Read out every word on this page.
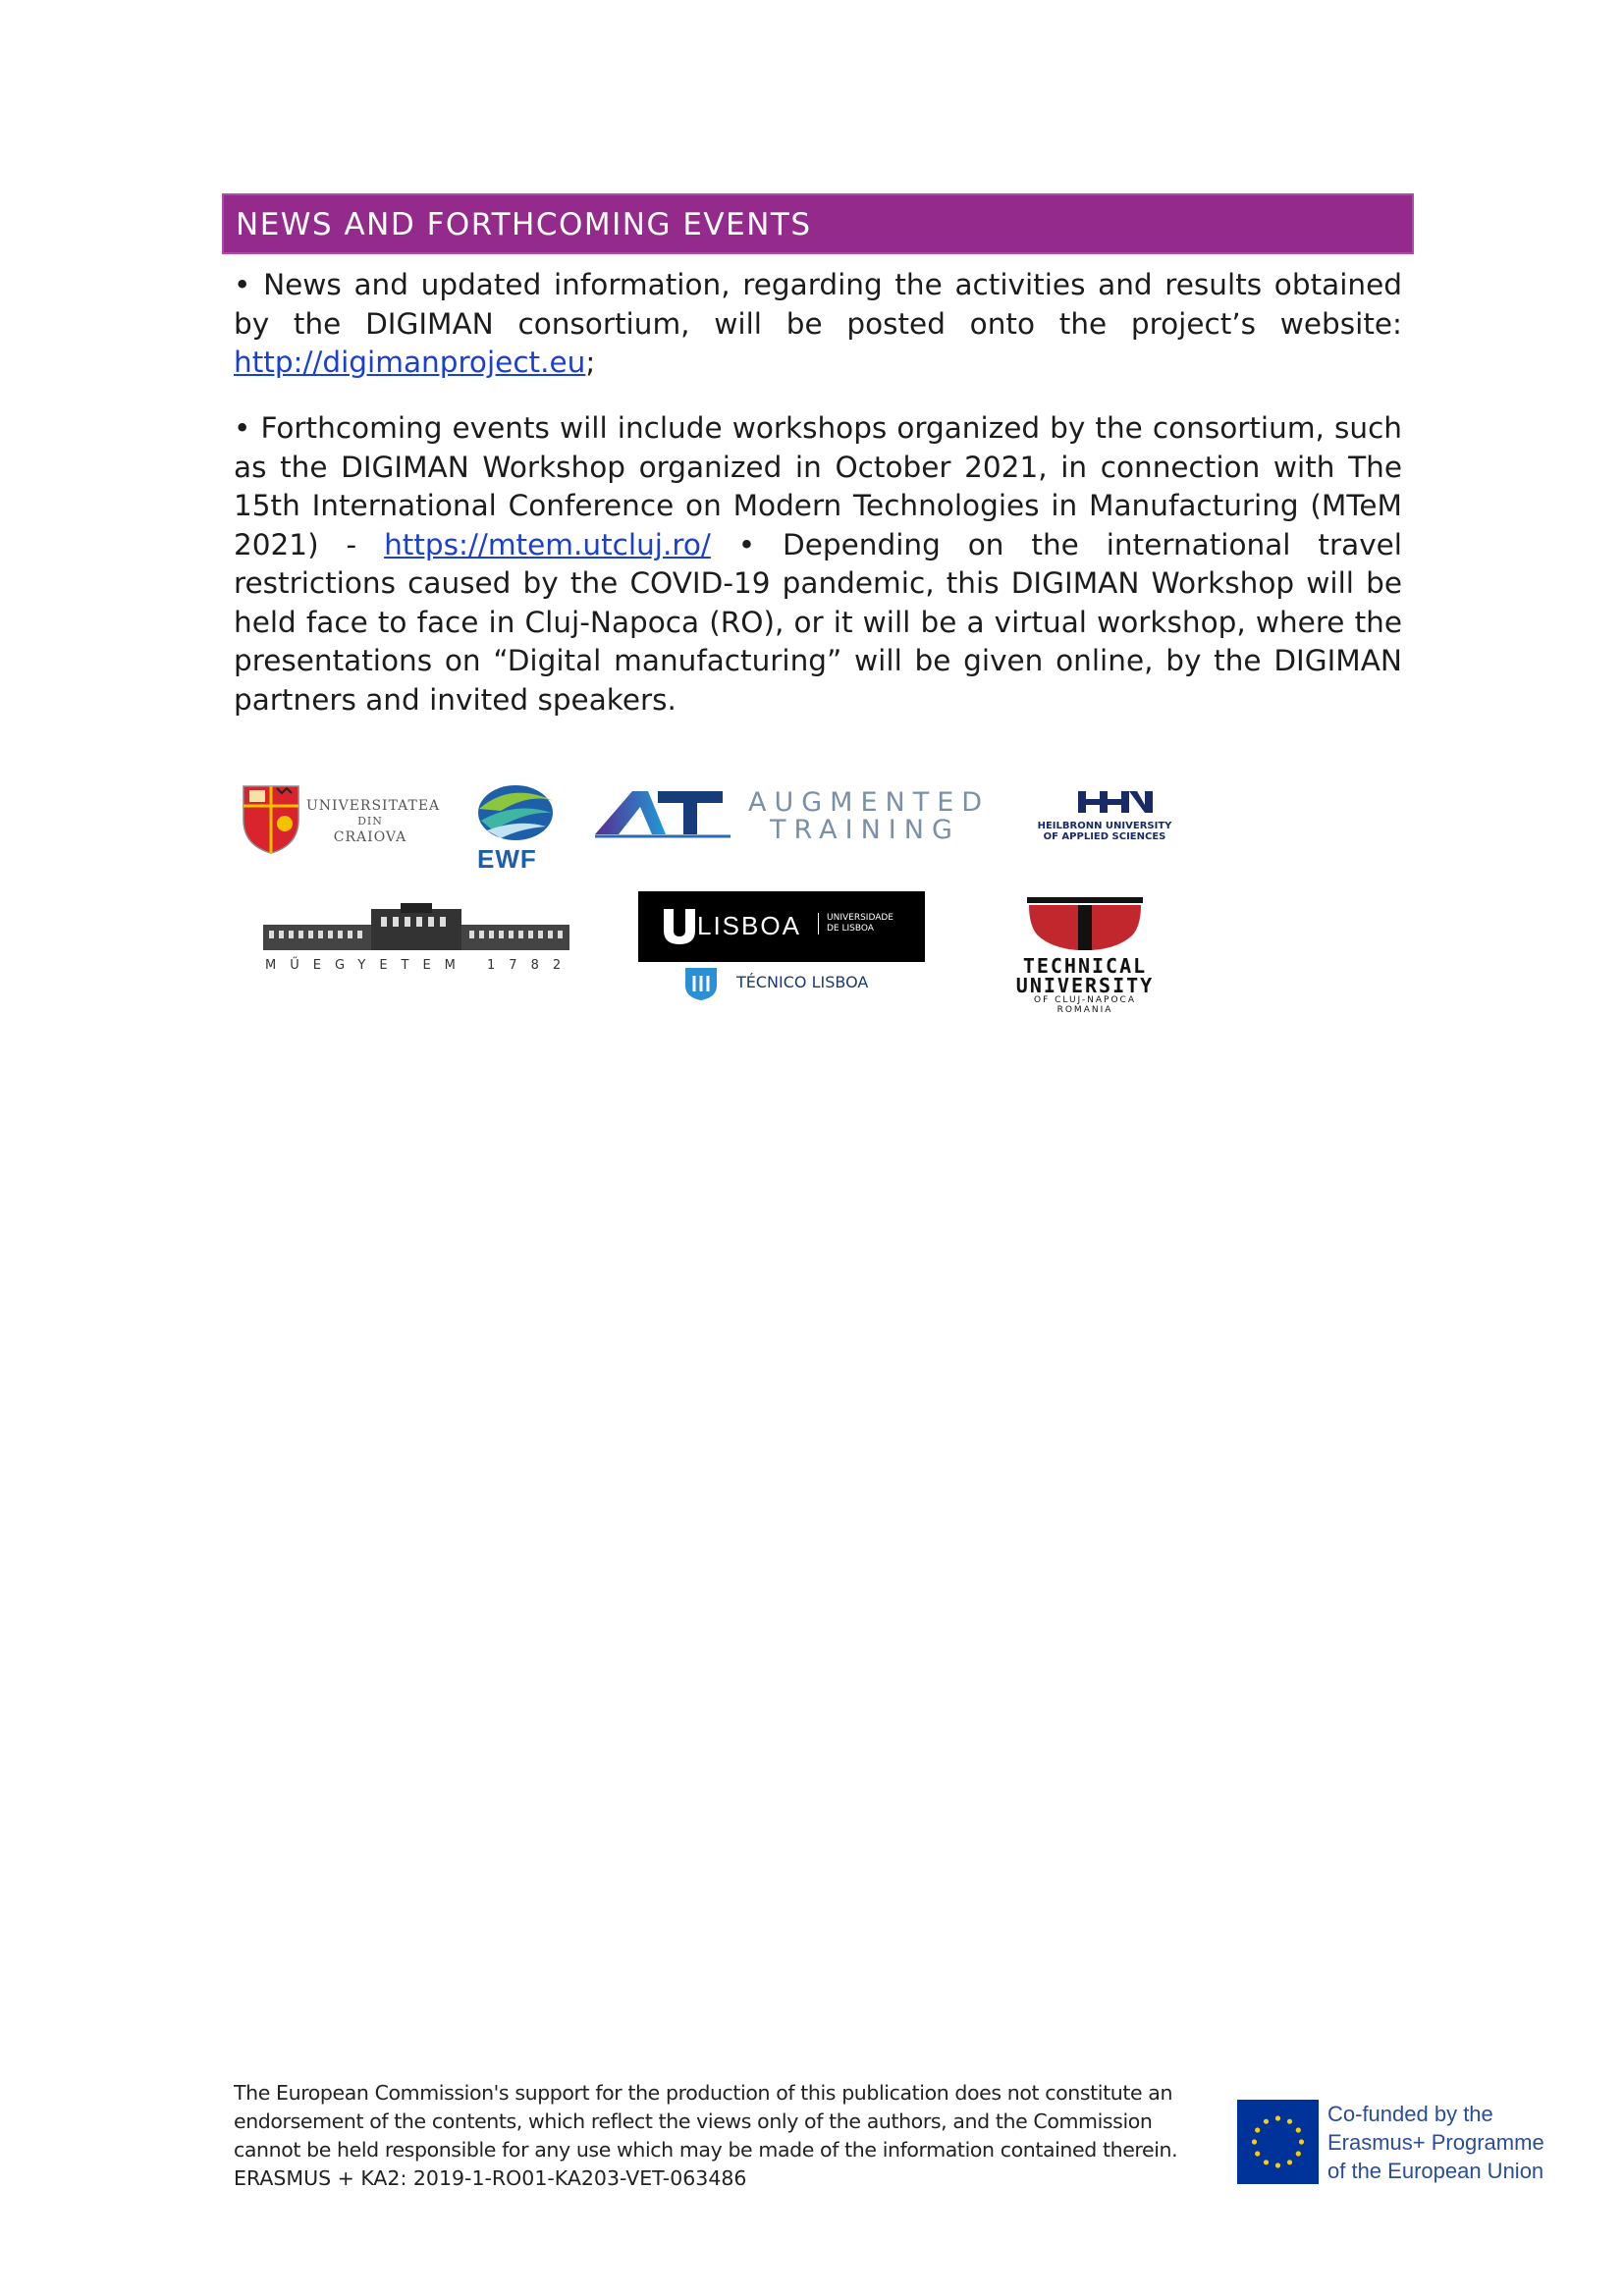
NEWS AND FORTHCOMING EVENTS

• News and updated information, regarding the activities and results obtained by the DIGIMAN consortium, will be posted onto the project’s website: http://digimanproject.eu;

• Forthcoming events will include workshops organized by the consortium, such as the DIGIMAN Workshop organized in October 2021, in connection with The 15th International Conference on Modern Technologies in Manufacturing (MTeM 2021) - https://mtem.utcluj.ro/ • Depending on the international travel restrictions caused by the COVID-19 pandemic, this DIGIMAN Workshop will be held face to face in Cluj-Napoca (RO), or it will be a virtual workshop, where the presentations on “Digital manufacturing” will be given online, by the DIGIMAN partners and invited speakers.

UNIVERSITATEA
DIN
CRAIOVA
EWF
AUGMENTED
TRAINING	HEILBRONN UNIVERSITY
OF APPLIED SCIENCES
MŰEGYETEM 1782
LISBOA	UNIVERSIDADE
DE LISBOA
TÉCNICO LISBOA
TECHNICAL
UNIVERSITY
OF CLUJ-NAPOCA
ROMANIA
The European Commission's support for the production of this publication does not constitute an
endorsement of the contents, which reflect the views only of the authors, and the Commission
cannot be held responsible for any use which may be made of the information contained therein.
ERASMUS + KA2: 2019-1-RO01-KA203-VET-063486
Co-funded by the
Erasmus+ Programme
of the European Union
